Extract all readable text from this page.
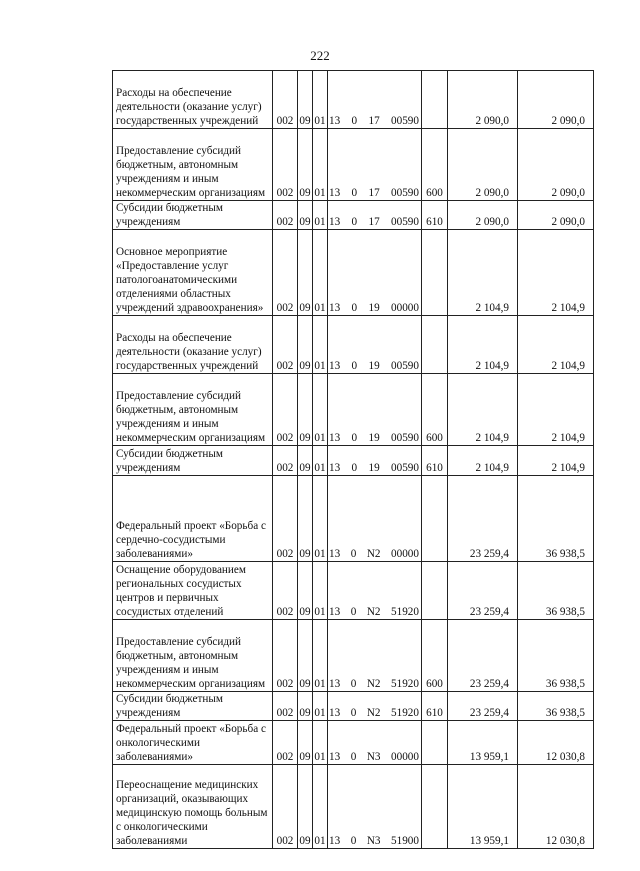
222
Расходы на обеспечение деятельности (оказание услуг) государственных учреждений	002	09	01	13 0 17 00590		2 090,0	2 090,0
Предоставление субсидий бюджетным, автономным учреждениям и иным некоммерческим организациям	002	09	01	13 0 17 00590	600	2 090,0	2 090,0
Субсидии бюджетным учреждениям	002	09	01	13 0 17 00590	610	2 090,0	2 090,0
Основное мероприятие «Предоставление услуг патологоанатомическими отделениями областных учреждений здравоохранения»	002	09	01	13 0 19 00000		2 104,9	2 104,9
Расходы на обеспечение деятельности (оказание услуг) государственных учреждений	002	09	01	13 0 19 00590		2 104,9	2 104,9
Предоставление субсидий бюджетным, автономным учреждениям и иным некоммерческим организациям	002	09	01	13 0 19 00590	600	2 104,9	2 104,9
Субсидии бюджетным учреждениям	002	09	01	13 0 19 00590	610	2 104,9	2 104,9
Федеральный проект «Борьба с сердечно-сосудистыми заболеваниями»	002	09	01	13 0 N2 00000		23 259,4	36 938,5
Оснащение оборудованием региональных сосудистых центров и первичных сосудистых отделений	002	09	01	13 0 N2 51920		23 259,4	36 938,5
Предоставление субсидий бюджетным, автономным учреждениям и иным некоммерческим организациям	002	09	01	13 0 N2 51920	600	23 259,4	36 938,5
Субсидии бюджетным учреждениям	002	09	01	13 0 N2 51920	610	23 259,4	36 938,5
Федеральный проект «Борьба с онкологическими заболеваниями»	002	09	01	13 0 N3 00000		13 959,1	12 030,8
Переоснащение медицинских организаций, оказывающих медицинскую помощь больным с онкологическими заболеваниями	002	09	01	13 0 N3 51900		13 959,1	12 030,8
